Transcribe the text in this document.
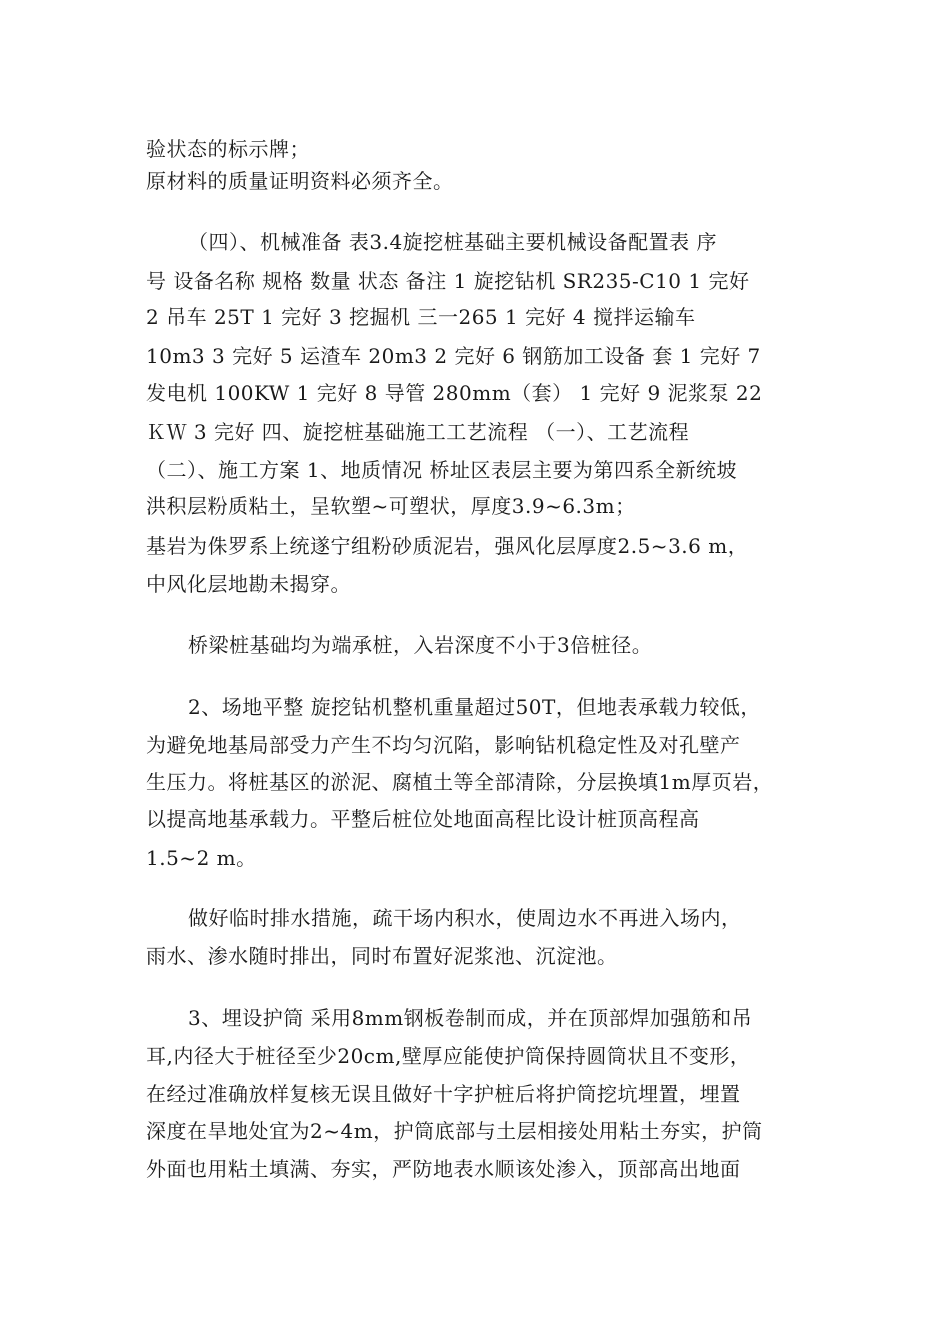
验状态的标示牌；
原材料的质量证明资料必须齐全。
（四）、机械准备 表3.4旋挖桩基础主要机械设备配置表 序
号 设备名称 规格 数量 状态 备注 1 旋挖钻机 SR235-C10 1 完好
2 吊车 25T 1 完好 3 挖掘机 三一265 1 完好 4 搅拌运输车
10m3 3 完好 5 运渣车 20m3 2 完好 6 钢筋加工设备 套 1 完好 7
发电机 100KW 1 完好 8 导管 280mm（套） 1 完好 9 泥浆泵 22
ＫＷ 3 完好 四、旋挖桩基础施工工艺流程 （一）、工艺流程
（二）、施工方案 1、地质情况 桥址区表层主要为第四系全新统坡
洪积层粉质粘土，呈软塑~可塑状，厚度3.9~6.3m；
基岩为侏罗系上统遂宁组粉砂质泥岩，强风化层厚度2.5~3.6 m，
中风化层地勘未揭穿。
桥梁桩基础均为端承桩，入岩深度不小于3倍桩径。
2、场地平整 旋挖钻机整机重量超过50T，但地表承载力较低，
为避免地基局部受力产生不均匀沉陷，影响钻机稳定性及对孔壁产
生压力。将桩基区的淤泥、腐植土等全部清除，分层换填1m厚页岩，
以提高地基承载力。平整后桩位处地面高程比设计桩顶高程高
1.5~2 m。
做好临时排水措施，疏干场内积水，使周边水不再进入场内，
雨水、渗水随时排出，同时布置好泥浆池、沉淀池。
3、埋设护筒 采用8mm钢板卷制而成，并在顶部焊加强筋和吊
耳,内径大于桩径至少20cm,壁厚应能使护筒保持圆筒状且不变形，
在经过准确放样复核无误且做好十字护桩后将护筒挖坑埋置，埋置
深度在旱地处宜为2~4m，护筒底部与土层相接处用粘土夯实，护筒
外面也用粘土填满、夯实，严防地表水顺该处渗入，顶部高出地面
